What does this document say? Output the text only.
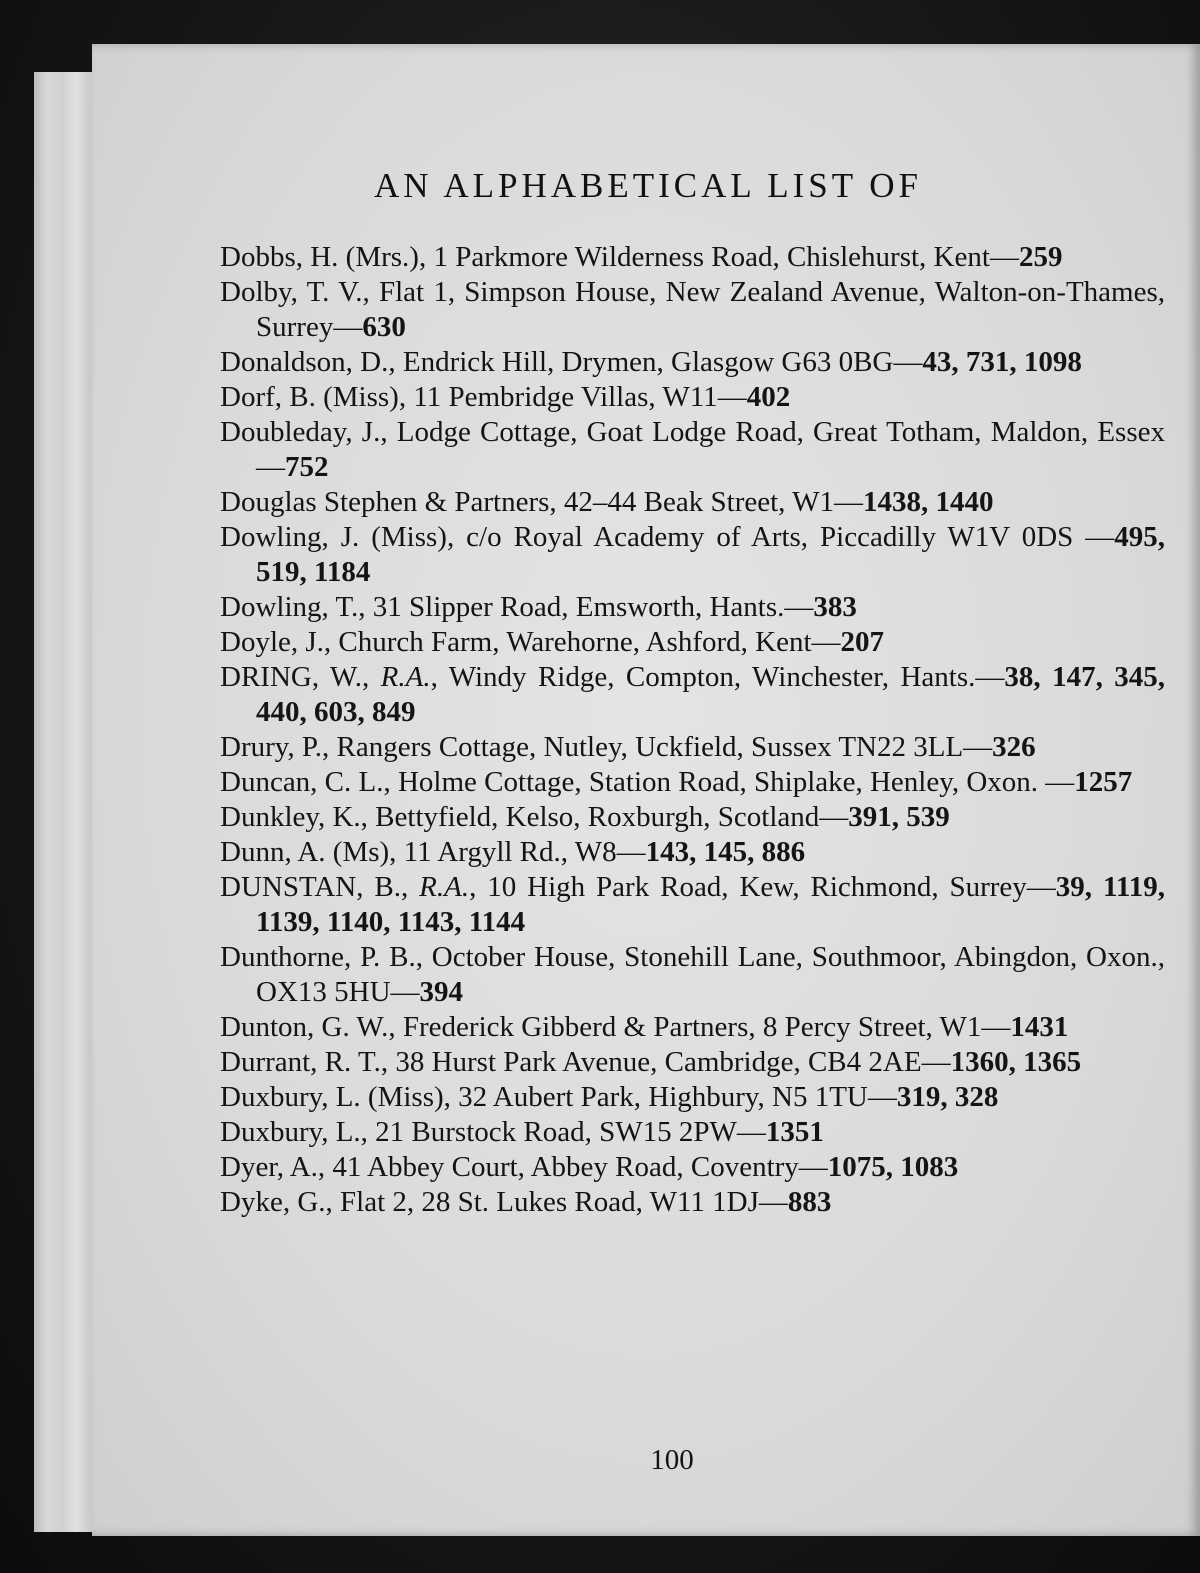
AN ALPHABETICAL LIST OF

Dobbs, H. (Mrs.), 1 Parkmore Wilderness Road, Chislehurst, Kent—259

Dolby, T. V., Flat 1, Simpson House, New Zealand Avenue, Walton-on-Thames, Surrey—630

Donaldson, D., Endrick Hill, Drymen, Glasgow G63 0BG—43, 731, 1098

Dorf, B. (Miss), 11 Pembridge Villas, W11—402

Doubleday, J., Lodge Cottage, Goat Lodge Road, Great Totham, Maldon, Essex—752

Douglas Stephen & Partners, 42–44 Beak Street, W1—1438, 1440

Dowling, J. (Miss), c/o Royal Academy of Arts, Piccadilly W1V 0DS —495, 519, 1184

Dowling, T., 31 Slipper Road, Emsworth, Hants.—383

Doyle, J., Church Farm, Warehorne, Ashford, Kent—207

DRING, W., R.A., Windy Ridge, Compton, Winchester, Hants.—38, 147, 345, 440, 603, 849

Drury, P., Rangers Cottage, Nutley, Uckfield, Sussex TN22 3LL—326

Duncan, C. L., Holme Cottage, Station Road, Shiplake, Henley, Oxon. —1257

Dunkley, K., Bettyfield, Kelso, Roxburgh, Scotland—391, 539

Dunn, A. (Ms), 11 Argyll Rd., W8—143, 145, 886

DUNSTAN, B., R.A., 10 High Park Road, Kew, Richmond, Surrey—39, 1119, 1139, 1140, 1143, 1144

Dunthorne, P. B., October House, Stonehill Lane, Southmoor, Abingdon, Oxon., OX13 5HU—394

Dunton, G. W., Frederick Gibberd & Partners, 8 Percy Street, W1—1431

Durrant, R. T., 38 Hurst Park Avenue, Cambridge, CB4 2AE—1360, 1365

Duxbury, L. (Miss), 32 Aubert Park, Highbury, N5 1TU—319, 328

Duxbury, L., 21 Burstock Road, SW15 2PW—1351

Dyer, A., 41 Abbey Court, Abbey Road, Coventry—1075, 1083

Dyke, G., Flat 2, 28 St. Lukes Road, W11 1DJ—883

100
